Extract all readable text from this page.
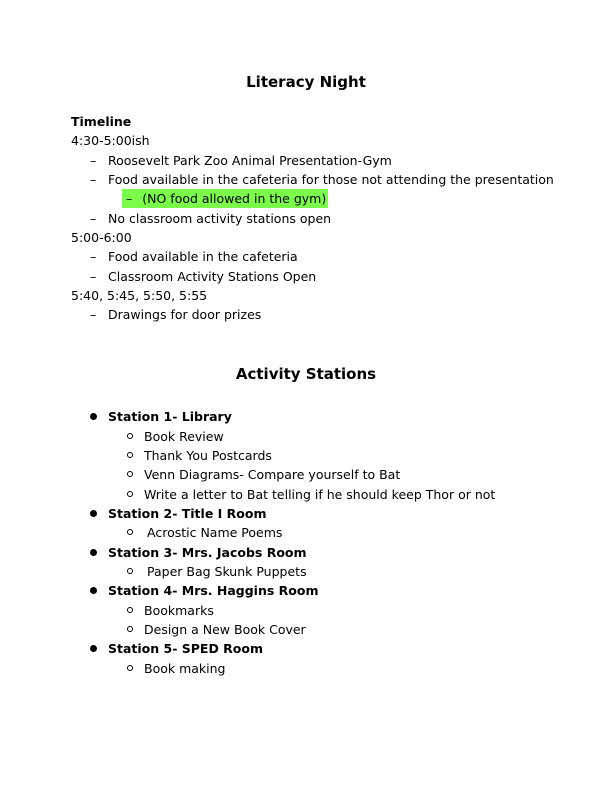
Literacy Night
Timeline
4:30-5:00ish
– Roosevelt Park Zoo Animal Presentation-Gym
– Food available in the cafeteria for those not attending the presentation
– (NO food allowed in the gym)
– No classroom activity stations open
5:00-6:00
– Food available in the cafeteria
– Classroom Activity Stations Open
5:40, 5:45, 5:50, 5:55
– Drawings for door prizes
Activity Stations
Station 1- Library
Book Review
Thank You Postcards
Venn Diagrams- Compare yourself to Bat
Write a letter to Bat telling if he should keep Thor or not
Station 2- Title I Room
Acrostic Name Poems
Station 3- Mrs. Jacobs Room
Paper Bag Skunk Puppets
Station 4- Mrs. Haggins Room
Bookmarks
Design a New Book Cover
Station 5- SPED Room
Book making
